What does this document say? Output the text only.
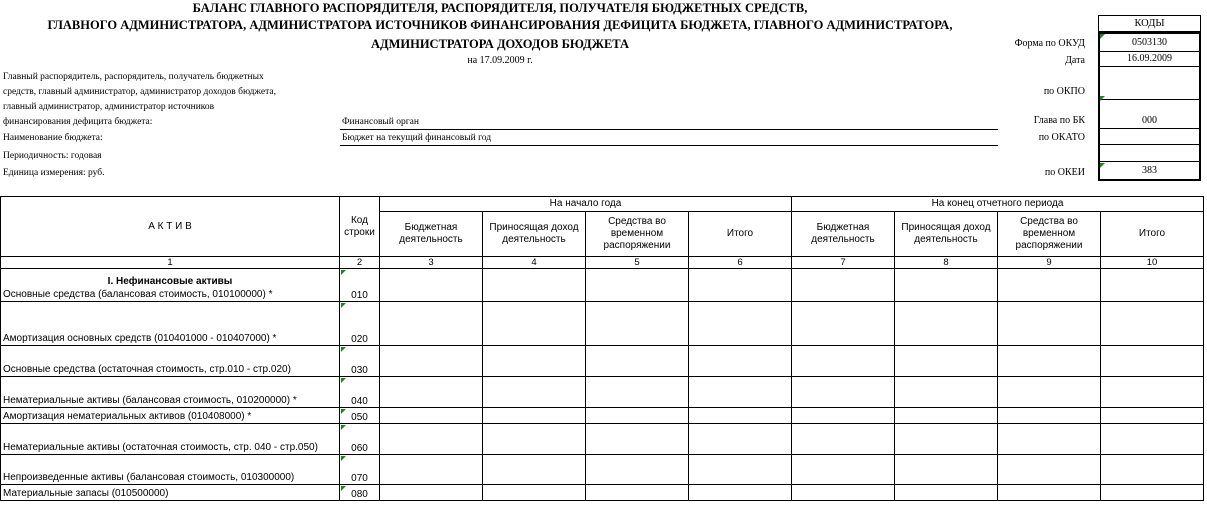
БАЛАНС ГЛАВНОГО РАСПОРЯДИТЕЛЯ, РАСПОРЯДИТЕЛЯ, ПОЛУЧАТЕЛЯ БЮДЖЕТНЫХ СРЕДСТВ,
ГЛАВНОГО АДМИНИСТРАТОРА, АДМИНИСТРАТОРА ИСТОЧНИКОВ ФИНАНСИРОВАНИЯ ДЕФИЦИТА БЮДЖЕТА, ГЛАВНОГО АДМИНИСТРАТОРА,
АДМИНИСТРАТОРА ДОХОДОВ БЮДЖЕТА
на 17.09.2009 г.
КОДЫ
Форма по ОКУД	0503130
Дата	16.09.2009
по ОКПО
Глава по БК	000
по ОКАТО
по ОКЕИ	383
Главный распорядитель, распорядитель, получатель бюджетных
средств, главный администратор, администратор доходов бюджета,
главный администратор, администратор источников
финансирования дефицита бюджета:	Финансовый орган
Наименование бюджета:	Бюджет на текущий финансовый год
Периодичность: годовая
Единица измерения: руб.
А К Т И В	Код строки	На начало года				На конец отчетного периода			
		Бюджетная деятельность	Приносящая доход деятельность	Средства во временном распоряжении	Итого	Бюджетная деятельность	Приносящая доход деятельность	Средства во временном распоряжении	Итого
1	2	3	4	5	6	7	8	9	10

I. Нефинансовые активы
Основные средства (балансовая стоимость, 010100000) *	010								

Амортизация основных средств (010401000 - 010407000) *	020								

Основные средства (остаточная стоимость, стр.010 - стр.020)	030								

Нематериальные активы (балансовая стоимость, 010200000) *	040								

Амортизация нематериальных активов (010408000) *	050								

Нематериальные активы (остаточная стоимость, стр. 040 - стр.050)	060								

Непроизведенные активы (балансовая стоимость, 010300000)	070								

Материальные запасы (010500000)	080								
